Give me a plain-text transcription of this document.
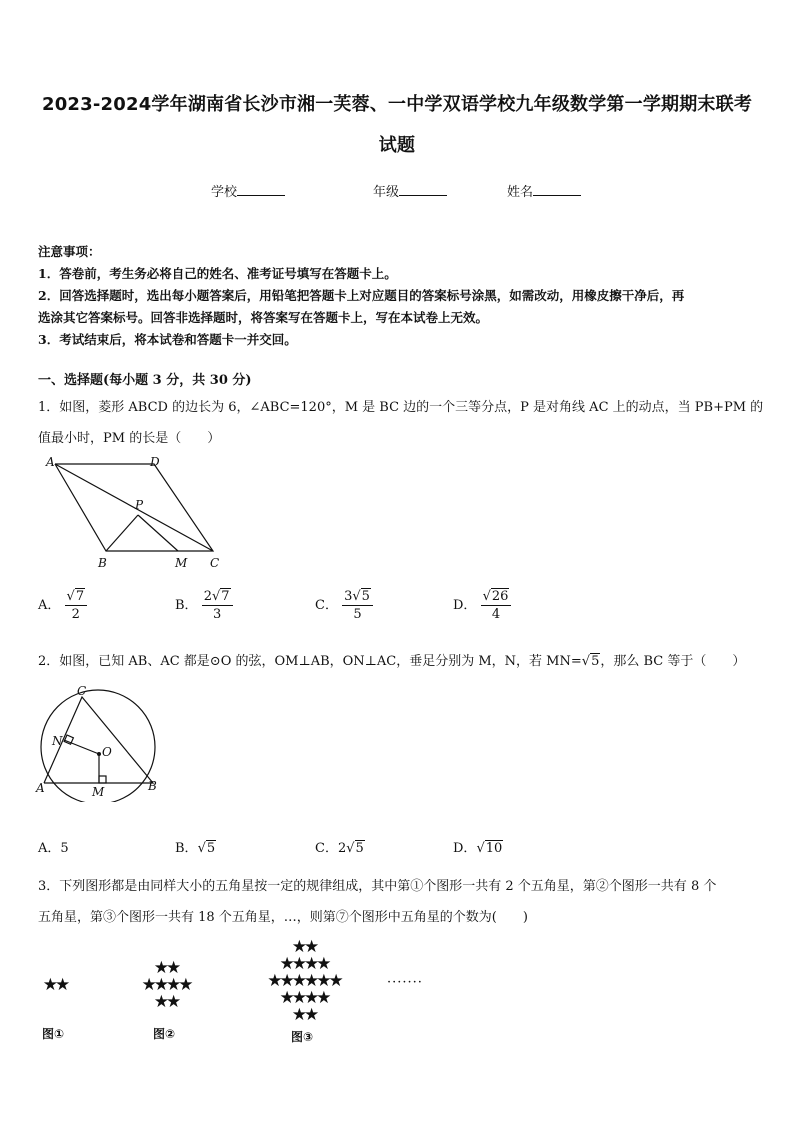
2023-2024学年湖南省长沙市湘一芙蓉、一中学双语学校九年级数学第一学期期末联考
试题
学校	年级	姓名
注意事项：
1．答卷前，考生务必将自己的姓名、准考证号填写在答题卡上。
2．回答选择题时，选出每小题答案后，用铅笔把答题卡上对应题目的答案标号涂黑，如需改动，用橡皮擦干净后，再
选涂其它答案标号。回答非选择题时，将答案写在答题卡上，写在本试卷上无效。
3．考试结束后，将本试卷和答题卡一并交回。
一、选择题(每小题 3 分，共 30 分)
1．如图，菱形 ABCD 的边长为 6，∠ABC=120°，M 是 BC 边的一个三等分点，P 是对角线 AC 上的动点，当 PB+PM 的
值最小时，PM 的长是（　　）
A	D
P
B	M C
A． $\frac{√7}{2}$	B． $\frac{2√7}{3}$	C． $\frac{3√5}{5}$	D． $\frac{√26}{4}$
2．如图，已知 AB、AC 都是⊙O 的弦，OM⊥AB，ON⊥AC，垂足分别为 M，N，若 MN=√5，那么 BC 等于（　　）
C
N
O
A	M	B
A．5	B．√5	C．2√5	D．√10
3．下列图形都是由同样大小的五角星按一定的规律组成，其中第①个图形一共有 2 个五角星，第②个图形一共有 8 个
五角星，第③个图形一共有 18 个五角星，…，则第⑦个图形中五角星的个数为(　　)
★★
★★
★★★★
★★
★★
★★★★
★★★★★★
★★★★
★★
·······
图①	图②	图③
